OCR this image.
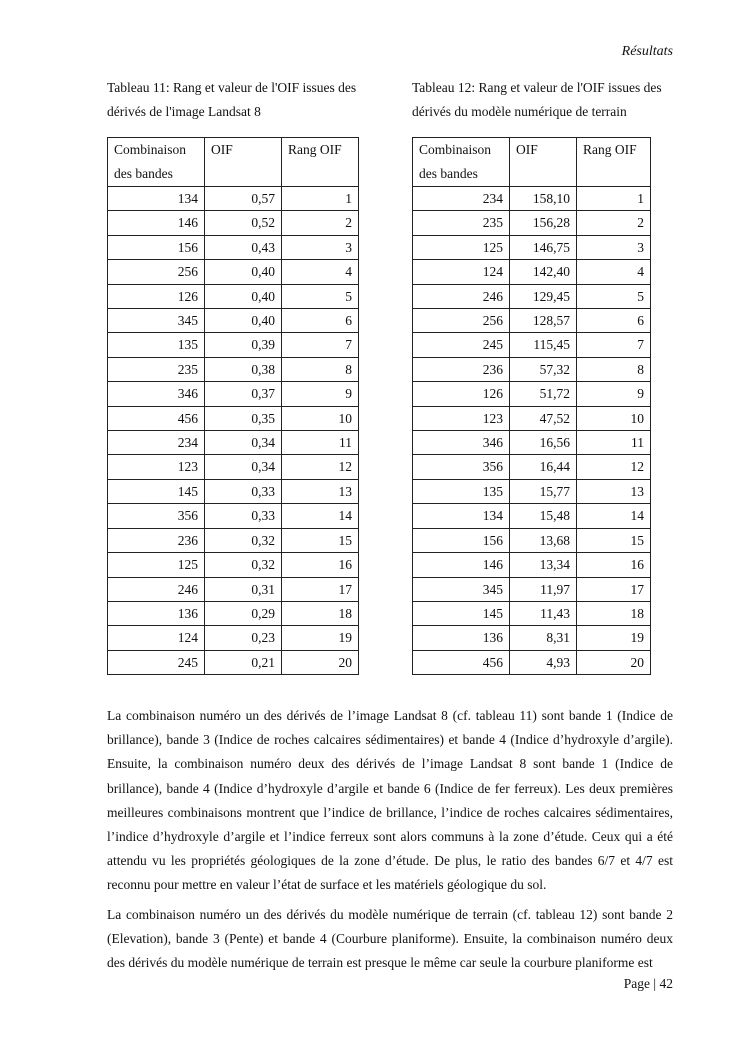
Résultats
Tableau 11: Rang et valeur de l'OIF issues des dérivés de l'image Landsat 8
Tableau 12: Rang et valeur de l'OIF issues des dérivés du modèle numérique de terrain
Combinaison des bandes	OIF	Rang OIF
134	0,57	1
146	0,52	2
156	0,43	3
256	0,40	4
126	0,40	5
345	0,40	6
135	0,39	7
235	0,38	8
346	0,37	9
456	0,35	10
234	0,34	11
123	0,34	12
145	0,33	13
356	0,33	14
236	0,32	15
125	0,32	16
246	0,31	17
136	0,29	18
124	0,23	19
245	0,21	20
Combinaison des bandes	OIF	Rang OIF
234	158,10	1
235	156,28	2
125	146,75	3
124	142,40	4
246	129,45	5
256	128,57	6
245	115,45	7
236	57,32	8
126	51,72	9
123	47,52	10
346	16,56	11
356	16,44	12
135	15,77	13
134	15,48	14
156	13,68	15
146	13,34	16
345	11,97	17
145	11,43	18
136	8,31	19
456	4,93	20

La combinaison numéro un des dérivés de l’image Landsat 8 (cf. tableau 11) sont bande 1 (Indice de brillance), bande 3 (Indice de roches calcaires sédimentaires) et bande 4 (Indice d’hydroxyle d’argile). Ensuite, la combinaison numéro deux des dérivés de l’image Landsat 8 sont bande 1 (Indice de brillance), bande 4 (Indice d’hydroxyle d’argile et bande 6 (Indice de fer ferreux). Les deux premières meilleures combinaisons montrent que l’indice de brillance, l’indice de roches calcaires sédimentaires, l’indice d’hydroxyle d’argile et l’indice ferreux sont alors communs à la zone d’étude. Ceux qui a été attendu vu les propriétés géologiques de la zone d’étude. De plus, le ratio des bandes 6/7 et 4/7 est reconnu pour mettre en valeur l’état de surface et les matériels géologique du sol.

La combinaison numéro un des dérivés du modèle numérique de terrain (cf. tableau 12) sont bande 2 (Elevation), bande 3 (Pente) et bande 4 (Courbure planiforme). Ensuite, la combinaison numéro deux des dérivés du modèle numérique de terrain est presque le même car seule la courbure planiforme est

Page | 42
